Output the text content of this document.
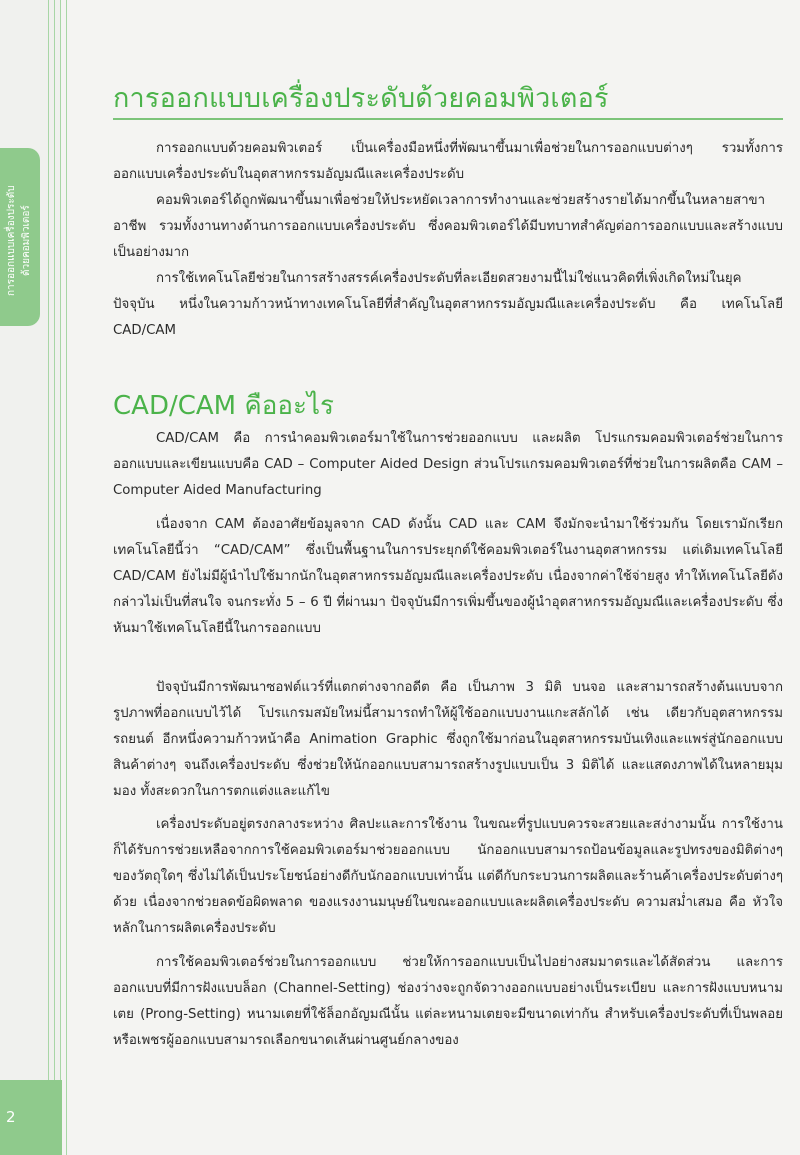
การออกแบบเครื่องประดับ ด้วยคอมพิวเตอร์
2
การออกแบบเครื่องประดับด้วยคอมพิวเตอร์

การออกแบบด้วยคอมพิวเตอร์ เป็นเครื่องมือหนึ่งที่พัฒนาขึ้นมาเพื่อช่วยในการออกแบบต่างๆ รวมทั้งการออกแบบเครื่องประดับในอุตสาหกรรมอัญมณีและเครื่องประดับ

คอมพิวเตอร์ได้ถูกพัฒนาขึ้นมาเพื่อช่วยให้ประหยัดเวลาการทำงานและช่วยสร้างรายได้มากขึ้นในหลายสาขาอาชีพ รวมทั้งงานทางด้านการออกแบบเครื่องประดับ ซึ่งคอมพิวเตอร์ได้มีบทบาทสำคัญต่อการออกแบบและสร้างแบบเป็นอย่างมาก

การใช้เทคโนโลยีช่วยในการสร้างสรรค์เครื่องประดับที่ละเอียดสวยงามนี้ไม่ใช่แนวคิดที่เพิ่งเกิดใหม่ในยุคปัจจุบัน หนึ่งในความก้าวหน้าทางเทคโนโลยีที่สำคัญในอุตสาหกรรมอัญมณีและเครื่องประดับ คือ เทคโนโลยี CAD/CAM

CAD/CAM คืออะไร

CAD/CAM คือ การนำคอมพิวเตอร์มาใช้ในการช่วยออกแบบ และผลิต โปรแกรมคอมพิวเตอร์ช่วยในการออกแบบและเขียนแบบคือ CAD – Computer Aided Design ส่วนโปรแกรมคอมพิวเตอร์ที่ช่วยในการผลิตคือ CAM – Computer Aided Manufacturing

เนื่องจาก CAM ต้องอาศัยข้อมูลจาก CAD ดังนั้น CAD และ CAM จึงมักจะนำมาใช้ร่วมกัน โดยเรามักเรียกเทคโนโลยีนี้ว่า “CAD/CAM” ซึ่งเป็นพื้นฐานในการประยุกต์ใช้คอมพิวเตอร์ในงานอุตสาหกรรม แต่เดิมเทคโนโลยี CAD/CAM ยังไม่มีผู้นำไปใช้มากนักในอุตสาหกรรมอัญมณีและเครื่องประดับ เนื่องจากค่าใช้จ่ายสูง ทำให้เทคโนโลยีดังกล่าวไม่เป็นที่สนใจ จนกระทั่ง 5 – 6 ปี ที่ผ่านมา ปัจจุบันมีการเพิ่มขึ้นของผู้นำอุตสาหกรรมอัญมณีและเครื่องประดับ ซึ่งหันมาใช้เทคโนโลยีนี้ในการออกแบบ

ปัจจุบันมีการพัฒนาซอฟต์แวร์ที่แตกต่างจากอดีต คือ เป็นภาพ 3 มิติ บนจอ และสามารถสร้างต้นแบบจากรูปภาพที่ออกแบบไว้ได้ โปรแกรมสมัยใหม่นี้สามารถทำให้ผู้ใช้ออกแบบงานแกะสลักได้ เช่น เดียวกับอุตสาหกรรมรถยนต์ อีกหนึ่งความก้าวหน้าคือ Animation Graphic ซึ่งถูกใช้มาก่อนในอุตสาหกรรมบันเทิงและแพร่สู่นักออกแบบสินค้าต่างๆ จนถึงเครื่องประดับ ซึ่งช่วยให้นักออกแบบสามารถสร้างรูปแบบเป็น 3 มิติได้ และแสดงภาพได้ในหลายมุมมอง ทั้งสะดวกในการตกแต่งและแก้ไข

เครื่องประดับอยู่ตรงกลางระหว่าง ศิลปะและการใช้งาน ในขณะที่รูปแบบควรจะสวยและสง่างามนั้น การใช้งานก็ได้รับการช่วยเหลือจากการใช้คอมพิวเตอร์มาช่วยออกแบบ นักออกแบบสามารถป้อนข้อมูลและรูปทรงของมิติต่างๆของวัตถุใดๆ ซึ่งไม่ได้เป็นประโยชน์อย่างดีกับนักออกแบบเท่านั้น แต่ดีกับกระบวนการผลิตและร้านค้าเครื่องประดับต่างๆด้วย เนื่องจากช่วยลดข้อผิดพลาด ของแรงงานมนุษย์ในขณะออกแบบและผลิตเครื่องประดับ ความสม่ำเสมอ คือ หัวใจหลักในการผลิตเครื่องประดับ

การใช้คอมพิวเตอร์ช่วยในการออกแบบ ช่วยให้การออกแบบเป็นไปอย่างสมมาตรและได้สัดส่วน และการออกแบบที่มีการฝังแบบล็อก (Channel-Setting) ช่องว่างจะถูกจัดวางออกแบบอย่างเป็นระเบียบ และการฝังแบบหนามเตย (Prong-Setting) หนามเตยที่ใช้ล็อกอัญมณีนั้น แต่ละหนามเตยจะมีขนาดเท่ากัน สำหรับเครื่องประดับที่เป็นพลอยหรือเพชรผู้ออกแบบสามารถเลือกขนาดเส้นผ่านศูนย์กลางของ
